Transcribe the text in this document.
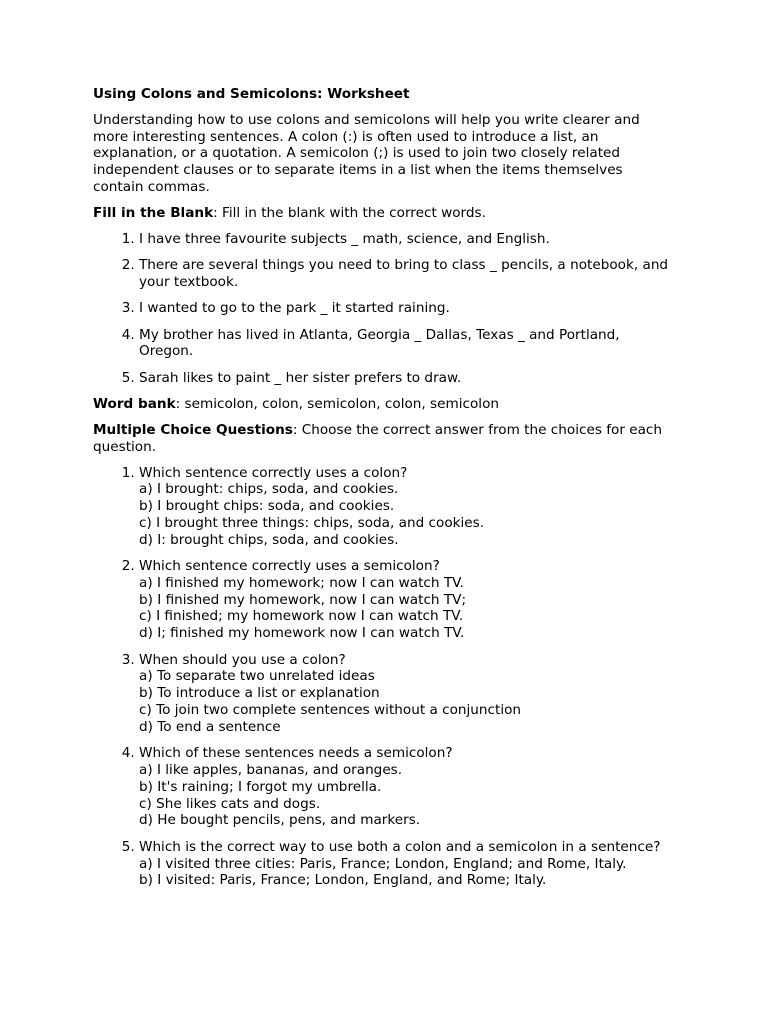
Using Colons and Semicolons: Worksheet

Understanding how to use colons and semicolons will help you write clearer and more interesting sentences. A colon (:) is often used to introduce a list, an explanation, or a quotation. A semicolon (;) is used to join two closely related independent clauses or to separate items in a list when the items themselves contain commas.

Fill in the Blank: Fill in the blank with the correct words.

1. I have three favourite subjects _ math, science, and English.
2. There are several things you need to bring to class _ pencils, a notebook, and your textbook.
3. I wanted to go to the park _ it started raining.
4. My brother has lived in Atlanta, Georgia _ Dallas, Texas _ and Portland, Oregon.
5. Sarah likes to paint _ her sister prefers to draw.

Word bank: semicolon, colon, semicolon, colon, semicolon

Multiple Choice Questions: Choose the correct answer from the choices for each question.

1. Which sentence correctly uses a colon?
a) I brought: chips, soda, and cookies.
b) I brought chips: soda, and cookies.
c) I brought three things: chips, soda, and cookies.
d) I: brought chips, soda, and cookies.
2. Which sentence correctly uses a semicolon?
a) I finished my homework; now I can watch TV.
b) I finished my homework, now I can watch TV;
c) I finished; my homework now I can watch TV.
d) I; finished my homework now I can watch TV.
3. When should you use a colon?
a) To separate two unrelated ideas
b) To introduce a list or explanation
c) To join two complete sentences without a conjunction
d) To end a sentence
4. Which of these sentences needs a semicolon?
a) I like apples, bananas, and oranges.
b) It's raining; I forgot my umbrella.
c) She likes cats and dogs.
d) He bought pencils, pens, and markers.
5. Which is the correct way to use both a colon and a semicolon in a sentence?
a) I visited three cities: Paris, France; London, England; and Rome, Italy.
b) I visited: Paris, France; London, England, and Rome; Italy.
